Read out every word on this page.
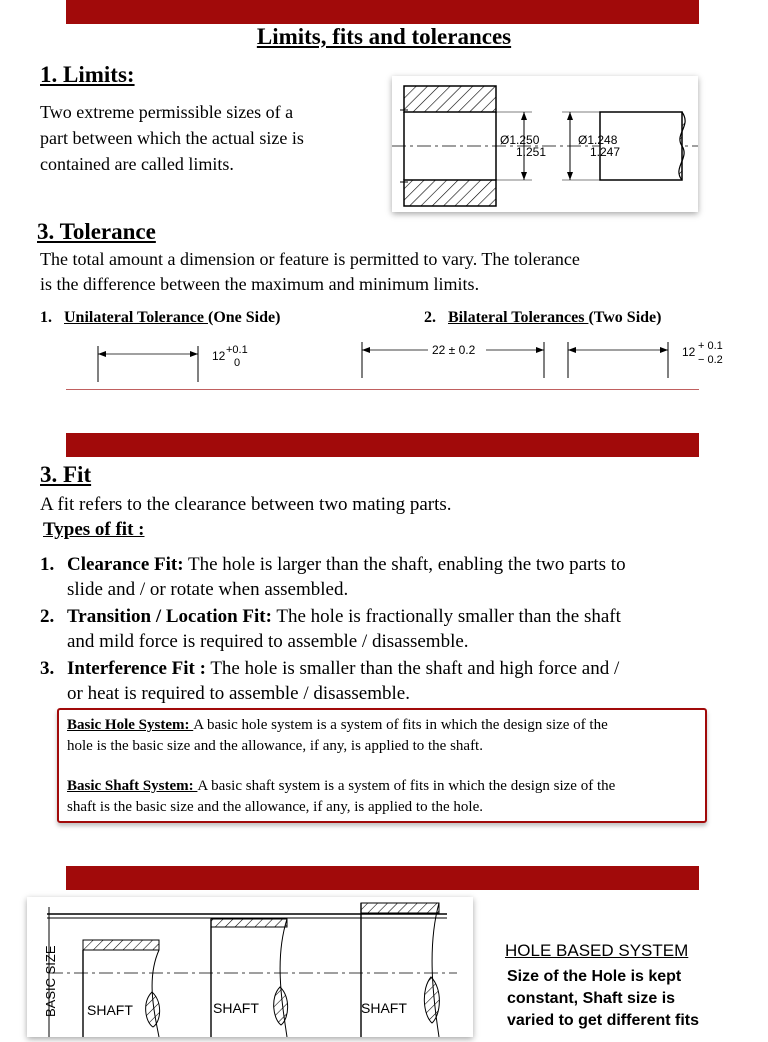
Limits, fits and tolerances
1. Limits:
Two extreme permissible sizes of a
part between which the actual size is
contained are called limits.
Ø1.250
1.251
Ø1.248
1.247
3. Tolerance
The total amount a dimension or feature is permitted to vary. The tolerance
is the difference between the maximum and minimum limits.
1. Unilateral Tolerance (One Side)	2. Bilateral Tolerances (Two Side)
12 +0.1
0
22 ± 0.2	12 + 0.1
− 0.2
3. Fit
A fit refers to the clearance between two mating parts.
Types of fit :
1. Clearance Fit: The hole is larger than the shaft, enabling the two parts to
slide and / or rotate when assembled.
2. Transition / Location Fit: The hole is fractionally smaller than the shaft
and mild force is required to assemble / disassemble.
3. Interference Fit : The hole is smaller than the shaft and high force and /
or heat is required to assemble / disassemble.
Basic Hole System: A basic hole system is a system of fits in which the design size of the
hole is the basic size and the allowance, if any, is applied to the shaft.
Basic Shaft System: A basic shaft system is a system of fits in which the design size of the
shaft is the basic size and the allowance, if any, is applied to the hole.
BASIC SIZE SHAFT	SHAFT	SHAFT
HOLE BASED SYSTEM
Size of the Hole is kept
constant, Shaft size is
varied to get different fits
